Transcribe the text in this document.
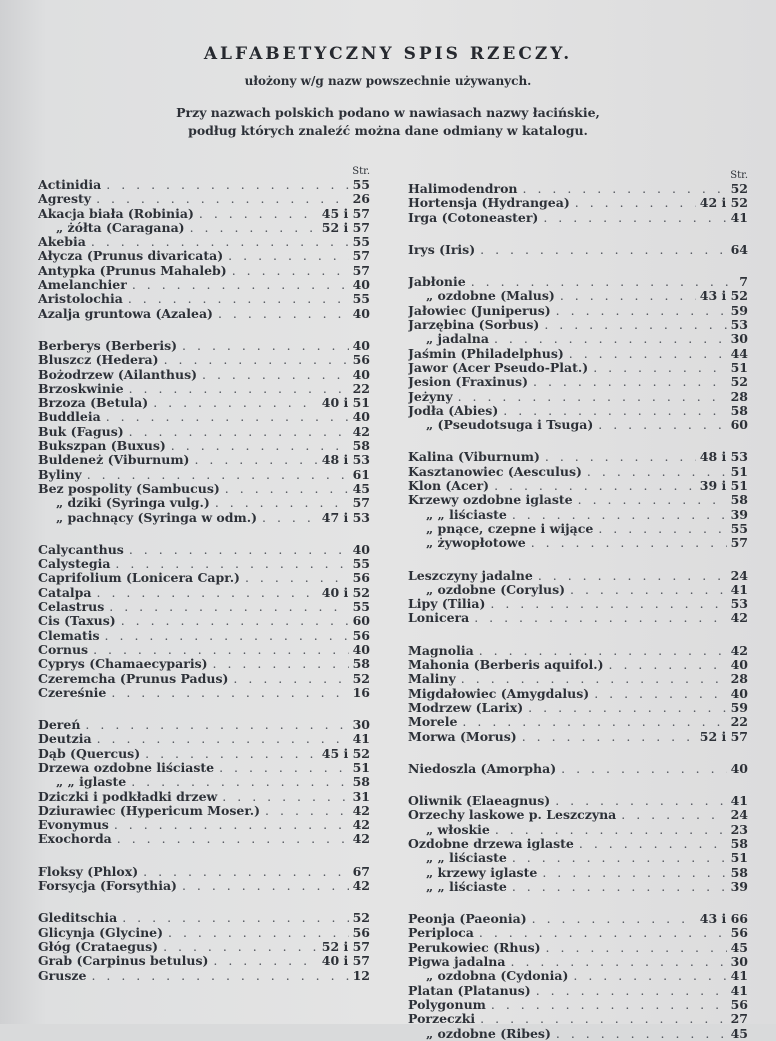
ALFABETYCZNY SPIS RZECZY.
ułożony w/g nazw powszechnie używanych.
Przy nazwach polskich podano w nawiasach nazwy łacińskie,
podług których znaleźć można dane odmiany w katalogu.
Str.
Actinidia . . .	55
Agresty . . .	26
Akacja biała (Robinia) . . .	45 i 57
„ żółta (Caragana) . . .	52 i 57
Akebia . . .	55
Ałycza (Prunus divaricata) . . .	57
Antypka (Prunus Mahaleb) . . .	57
Amelanchier . . .	40
Aristolochia . . .	55
Azalja gruntowa (Azalea) . . .	40
Berberys (Berberis) . . .	40
Bluszcz (Hedera) . . .	56
Bożodrzew (Ailanthus) . . .	40
Brzoskwinie . . .	22
Brzoza (Betula) . . .	40 i 51
Buddleia . . .	40
Buk (Fagus) . . .	42
Bukszpan (Buxus) . . .	58
Buldeneż (Viburnum) . . .	48 i 53
Byliny . . .	61
Bez pospolity (Sambucus) . . .	45
„ dziki (Syringa vulg.) . . .	57
„ pachnący (Syringa w odm.) . . .	47 i 53
Calycanthus . . .	40
Calystegia . . .	55
Caprifolium (Lonicera Capr.) . . .	56
Catalpa . . .	40 i 52
Celastrus . . .	55
Cis (Taxus) . . .	60
Clematis . . .	56
Cornus . . .	40
Cyprys (Chamaecyparis) . . .	58
Czeremcha (Prunus Padus) . . .	52
Czereśnie . . .	16
Dereń . . .	30
Deutzia . . .	41
Dąb (Quercus) . . .	45 i 52
Drzewa ozdobne liściaste . . .	51
„ „ iglaste . . .	58
Dziczki i podkładki drzew . . .	31
Dziurawiec (Hypericum Moser.) . . .	42
Evonymus . . .	42
Exochorda . . .	42
Floksy (Phlox) . . .	67
Forsycja (Forsythia) . . .	42
Gleditschia . . .	52
Glicynja (Glycine) . . .	56
Głóg (Crataegus) . . .	52 i 57
Grab (Carpinus betulus) . . .	40 i 57
Grusze . . .	12
Str.
Halimodendron . . .	52
Hortensja (Hydrangea) . . .	42 i 52
Irga (Cotoneaster) . . .	41
Irys (Iris) . . .	64
Jabłonie . . .	7
„ ozdobne (Malus) . . .	43 i 52
Jałowiec (Juniperus) . . .	59
Jarzębina (Sorbus) . . .	53
„ jadalna . . .	30
Jaśmin (Philadelphus) . . .	44
Jawor (Acer Pseudo-Plat.) . . .	51
Jesion (Fraxinus) . . .	52
Jeżyny . . .	28
Jodła (Abies) . . .	58
„ (Pseudotsuga i Tsuga) . . .	60
Kalina (Viburnum) . . .	48 i 53
Kasztanowiec (Aesculus) . . .	51
Klon (Acer) . . .	39 i 51
Krzewy ozdobne iglaste . . .	58
„ „ liściaste . . .	39
„ pnące, czepne i wijące . . .	55
„ żywopłotowe . . .	57
Leszczyny jadalne . . .	24
„ ozdobne (Corylus) . . .	41
Lipy (Tilia) . . .	53
Lonicera . . .	42
Magnolia . . .	42
Mahonia (Berberis aquifol.) . . .	40
Maliny . . .	28
Migdałowiec (Amygdalus) . . .	40
Modrzew (Larix) . . .	59
Morele . . .	22
Morwa (Morus) . . .	52 i 57
Niedoszla (Amorpha) . . .	40
Oliwnik (Elaeagnus) . . .	41
Orzechy laskowe p. Leszczyna . . .	24
„ włoskie . . .	23
Ozdobne drzewa iglaste . . .	58
„ „ liściaste . . .	51
„ krzewy iglaste . . .	58
„ „ liściaste . . .	39
Peonja (Paeonia) . . .	43 i 66
Periploca . . .	56
Perukowiec (Rhus) . . .	45
Pigwa jadalna . . .	30
„ ozdobna (Cydonia) . . .	41
Platan (Platanus) . . .	41
Polygonum . . .	56
Porzeczki . . .	27
„ ozdobne (Ribes) . . .	45
